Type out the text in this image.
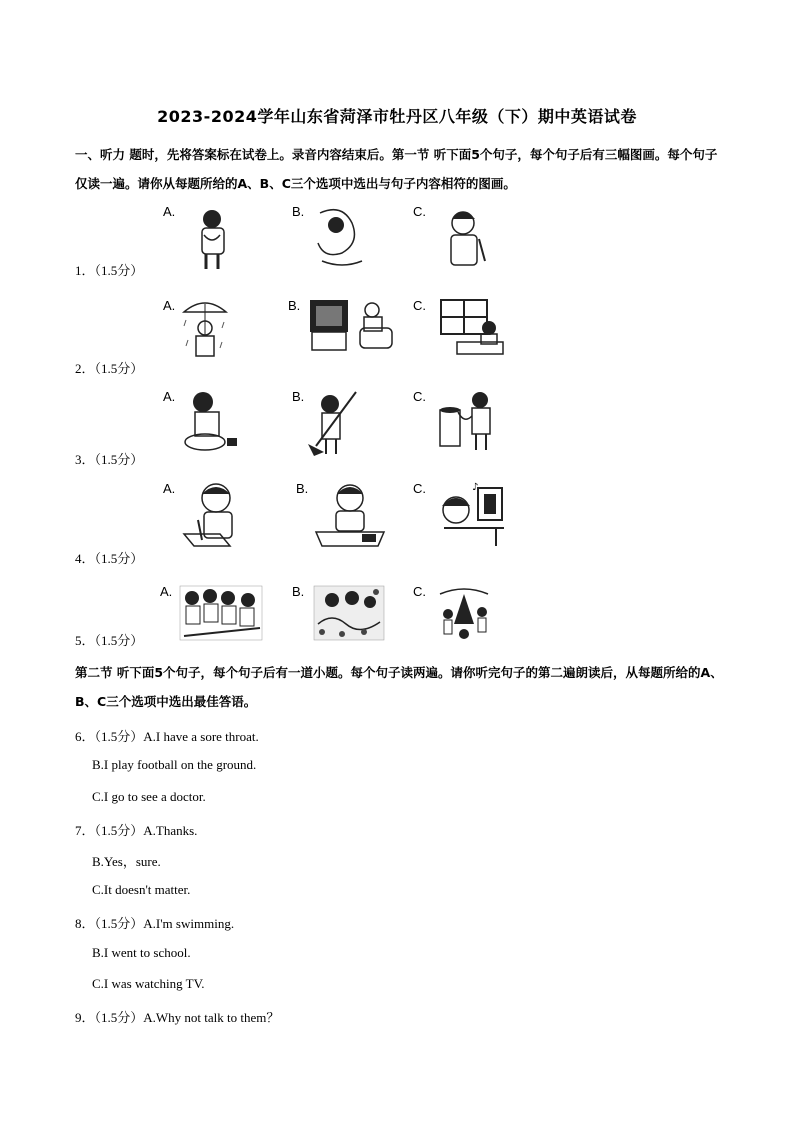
2023-2024学年山东省菏泽市牡丹区八年级（下）期中英语试卷
一、听力 题时，先将答案标在试卷上。录音内容结束后。第一节 听下面5个句子，每个句子后有三幅图画。每个句子仅读一遍。请你从每题所给的A、B、C三个选项中选出与句子内容相符的图画。
A.	B.	C.
1．（1.5分）
A.	B.	C.
2．（1.5分）
A.	B.	C.
3．（1.5分）
A.	B.	C.	♪
4．（1.5分）
A.	B.	C.
5．（1.5分）
第二节 听下面5个句子，每个句子后有一道小题。每个句子读两遍。请你听完句子的第二遍朗读后，从每题所给的A、B、C三个选项中选出最佳答语。
6．（1.5分）A.I have a sore throat.
B.I play football on the ground.
C.I go to see a doctor.
7．（1.5分）A.Thanks.
B.Yes，sure.
C.It doesn't matter.
8．（1.5分）A.I'm swimming.
B.I went to school.
C.I was watching TV.
9．（1.5分）A.Why not talk to them？
